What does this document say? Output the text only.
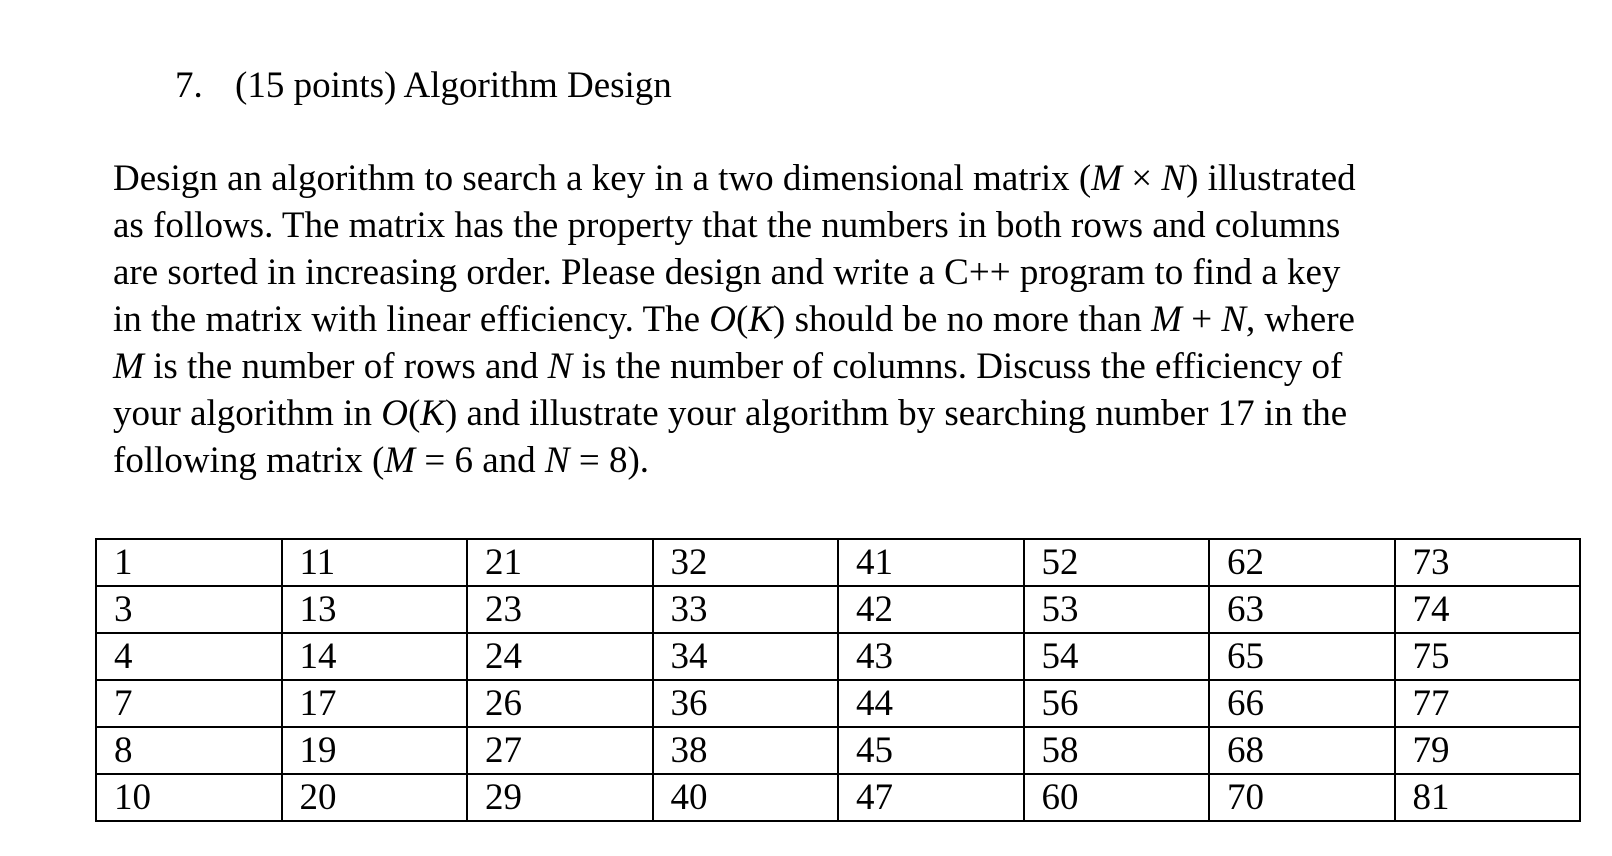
7. (15 points) Algorithm Design
Design an algorithm to search a key in a two dimensional matrix (M × N) illustrated
as follows. The matrix has the property that the numbers in both rows and columns
are sorted in increasing order. Please design and write a C++ program to find a key
in the matrix with linear efficiency. The O(K) should be no more than M + N, where
M is the number of rows and N is the number of columns. Discuss the efficiency of
your algorithm in O(K) and illustrate your algorithm by searching number 17 in the
following matrix (M = 6 and N = 8).
1	11	21	32	41	52	62	73
3	13	23	33	42	53	63	74
4	14	24	34	43	54	65	75
7	17	26	36	44	56	66	77
8	19	27	38	45	58	68	79
10	20	29	40	47	60	70	81
